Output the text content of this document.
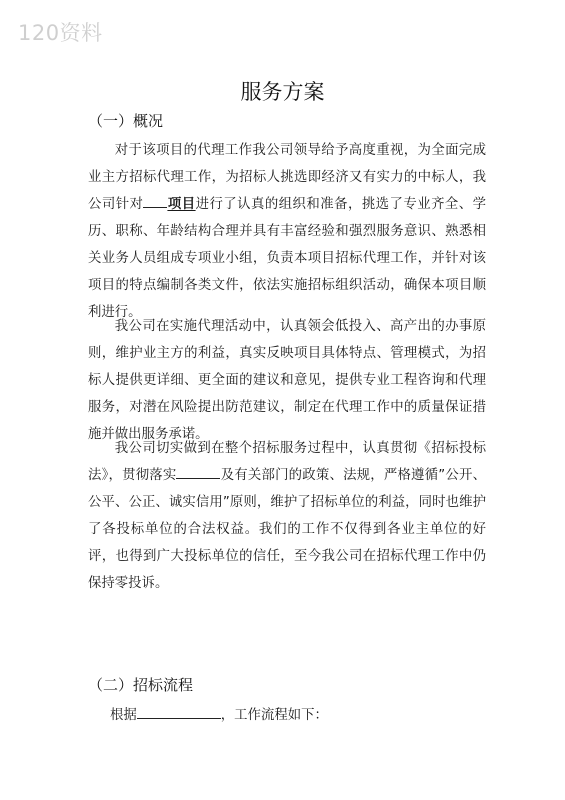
120资料
服务方案
（一）概况

对于该项目的代理工作我公司领导给予高度重视，为全面完成业主方招标代理工作，为招标人挑选即经济又有实力的中标人，我公司针对 项目进行了认真的组织和准备，挑选了专业齐全、学历、职称、年龄结构合理并具有丰富经验和强烈服务意识、熟悉相关业务人员组成专项业小组，负责本项目招标代理工作，并针对该项目的特点编制各类文件，依法实施招标组织活动，确保本项目顺利进行。

我公司在实施代理活动中，认真领会低投入、高产出的办事原则，维护业主方的利益，真实反映项目具体特点、管理模式，为招标人提供更详细、更全面的建议和意见，提供专业工程咨询和代理服务，对潜在风险提出防范建议，制定在代理工作中的质量保证措施并做出服务承诺。

我公司切实做到在整个招标服务过程中，认真贯彻《招标投标法》，贯彻落实	及有关部门的政策、法规，严格遵循”公开、公平、公正、诚实信用”原则，维护了招标单位的利益，同时也维护了各投标单位的合法权益。我们的工作不仅得到各业主单位的好评，也得到广大投标单位的信任，至今我公司在招标代理工作中仍保持零投诉。

（二）招标流程
根据	，工作流程如下：
